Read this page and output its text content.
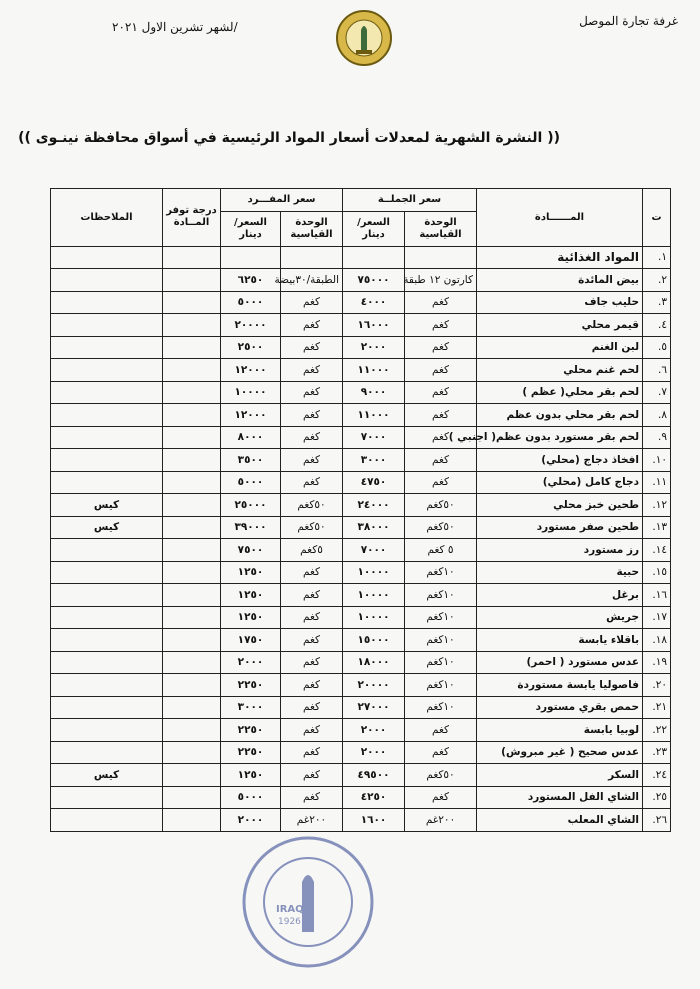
لشهر تشرين الاول ٢٠٢١/	غرفة تجارة الموصل
(( النشرة الشهرية لمعدلات أسعار المواد الرئيسية في أسواق محافظة نينـوى ))
ت	المــــــادة	سعر الجملــة		سعر المفـــرد		درجة توفر المــادة	الملاحظات
		الوحدة القياسية	السعر/ دينار	الوحدة القياسية	السعر/ دينار		
١.	المواد الغذائية						
٢.	بيض المائدة	كارتون ١٢ طبقة	٧٥٠٠٠	الطبقة/٣٠بيضة	٦٢٥٠		
٣.	حليب جاف	كغم	٤٠٠٠	كغم	٥٠٠٠		
٤.	قيمر محلي	كغم	١٦٠٠٠	كغم	٢٠٠٠٠		
٥.	لبن الغنم	كغم	٢٠٠٠	كغم	٢٥٠٠		
٦.	لحم غنم محلي	كغم	١١٠٠٠	كغم	١٢٠٠٠		
٧.	لحم بقر محلي( عظم )	كغم	٩٠٠٠	كغم	١٠٠٠٠		
٨.	لحم بقر محلي بدون عظم	كغم	١١٠٠٠	كغم	١٢٠٠٠		
٩.	لحم بقر مستورد بدون عظم( اجنبي )	كغم	٧٠٠٠	كغم	٨٠٠٠		
١٠.	افخاذ دجاج (محلي)	كغم	٣٠٠٠	كغم	٣٥٠٠		
١١.	دجاج كامل (محلي)	كغم	٤٧٥٠	كغم	٥٠٠٠		
١٢.	طحين خبز محلي	٥٠كغم	٢٤٠٠٠	٥٠كغم	٢٥٠٠٠		كيس
١٣.	طحين صفر مستورد	٥٠كغم	٣٨٠٠٠	٥٠كغم	٣٩٠٠٠		كيس
١٤.	رز مستورد	٥ كغم	٧٠٠٠	٥كغم	٧٥٠٠		
١٥.	حبية	١٠كغم	١٠٠٠٠	كغم	١٢٥٠		
١٦.	برغل	١٠كغم	١٠٠٠٠	كغم	١٢٥٠		
١٧.	جريش	١٠كغم	١٠٠٠٠	كغم	١٢٥٠		
١٨.	باقلاء يابسة	١٠كغم	١٥٠٠٠	كغم	١٧٥٠		
١٩.	عدس مستورد ( احمر)	١٠كغم	١٨٠٠٠	كغم	٢٠٠٠		
٢٠.	فاصوليا يابسة مستوردة	١٠كغم	٢٠٠٠٠	كغم	٢٢٥٠		
٢١.	حمص بقري مستورد	١٠كغم	٢٧٠٠٠	كغم	٣٠٠٠		
٢٢.	لوبيا يابسة	كغم	٢٠٠٠	كغم	٢٢٥٠		
٢٣.	عدس صحيح ( غير مبروش)	كغم	٢٠٠٠	كغم	٢٢٥٠		
٢٤.	السكر	٥٠كغم	٤٩٥٠٠	كغم	١٢٥٠		كيس
٢٥.	الشاي الفل المستورد	كغم	٤٢٥٠	كغم	٥٠٠٠		
٢٦.	الشاي المعلب	٢٠٠غم	١٦٠٠	٢٠٠غم	٢٠٠٠		
IRAQ
1926
